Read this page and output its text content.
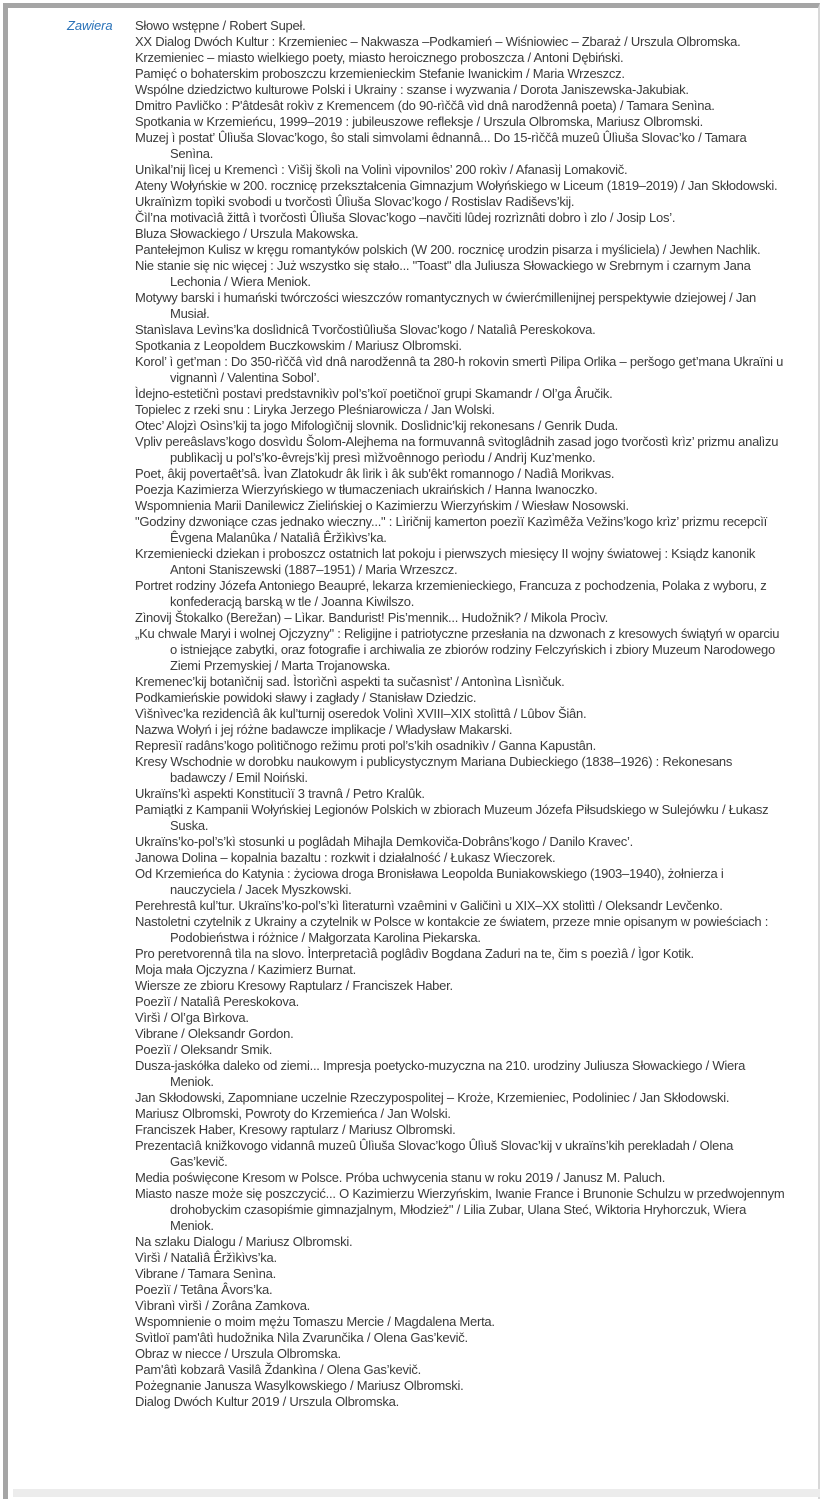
Zawiera	Słowo wstępne / Robert Supeł.
XX Dialog Dwóch Kultur : Krzemieniec – Nakwasza –Podkamień – Wiśniowiec – Zbaraż / Urszula Olbromska.
Krzemieniec – miasto wielkiego poety, miasto heroicznego proboszcza / Antoni Dębiński.
Pamięć o bohaterskim proboszczu krzemienieckim Stefanie Iwanickim / Maria Wrzeszcz.
Wspólne dziedzictwo kulturowe Polski i Ukrainy : szanse i wyzwania / Dorota Janiszewska-Jakubiak.
Dmitro Pavličko : P'âtdesât rokìv z Kremencem (do 90-rìččâ vìd dnâ narodžennâ poeta) / Tamara Senìna.
Spotkania w Krzemieńcu, 1999–2019 : jubileuszowe refleksje / Urszula Olbromska, Mariusz Olbromski.
Muzej ì postat’ Ûlìuša Slovac’kogo, ŝo stali simvolami êdnannâ... Do 15-rìččâ muzeû Ûlìuša Slovac’ko / Tamara Senìna.
Unìkal’nij lìcej u Kremencì : Vìšìj školì na Volinì vipovnilos’ 200 rokìv / Afanasìj Lomakovič.
Ateny Wołyńskie w 200. rocznicę przekształcenia Gimnazjum Wołyńskiego w Liceum (1819–2019) / Jan Skłodowski.
Ukraïnìzm topìki svobodi u tvorčostì Ûlìuša Slovac’kogo / Rostislav Radiševs’kij.
Čìl’na motivacìâ žittâ ì tvorčostì Ûlìuša Slovac’kogo –navčiti lûdej rozrìznâti dobro ì zlo / Josip Los’.
Bluza Słowackiego / Urszula Makowska.
Pantełejmon Kulisz w kręgu romantyków polskich (W 200. rocznicę urodzin pisarza i myśliciela) / Jewhen Nachlik.
Nie stanie się nic więcej : Już wszystko się stało... "Toast" dla Juliusza Słowackiego w Srebrnym i czarnym Jana Lechonia / Wiera Meniok.
Motywy barski i humański twórczości wieszczów romantycznych w ćwierćmillenijnej perspektywie dziejowej / Jan Musiał.
Stanìslava Levìns’ka doslìdnicâ Tvorčostìûlìuša Slovac’kogo / Natalìâ Pereskokova.
Spotkania z Leopoldem Buczkowskim / Mariusz Olbromski.
Korol’ ì get’man : Do 350-rìččâ vìd dnâ narodžennâ ta 280-h rokovin smertì Pilipa Orlika – peršogo get’mana Ukraïni u vignannì / Valentina Sobol’.
Ìdejno-estetičnì postavi predstavnikìv pol’s’koï poetičnoï grupi Skamandr / Ol’ga Âručik.
Topielec z rzeki snu : Liryka Jerzego Pleśniarowicza / Jan Wolski.
Otec’ Alojzì Osìns’kij ta jogo Mifologìčnij slovnik. Doslìdnic’kij rekonesans / Genrik Duda.
Vpliv pereâslavs’kogo dosvìdu Šolom-Alejhema na formuvannâ svìtoglâdnih zasad jogo tvorčostì krìz’ prizmu analìzu publìkacìj u pol’s’ko-êvrejs’kìj presì mìžvoênnogo perìodu / Andrìj Kuz’menko.
Poet, âkij povertaêt’sâ. Ìvan Zlatokudr âk lìrik ì âk sub'êkt romannogo / Nadìâ Morikvas.
Poezja Kazimierza Wierzyńskiego w tłumaczeniach ukraińskich / Hanna Iwanoczko.
Wspomnienia Marii Danilewicz Zielińskiej o Kazimierzu Wierzyńskim / Wiesław Nosowski.
"Godziny dzwoniące czas jednako wieczny..." : Lìričnij kamerton poezìï Kazìmêža Vežins’kogo krìz’ prizmu recepcìï Êvgena Malanûka / Natalìâ Êržìkìvs’ka.
Krzemieniecki dziekan i proboszcz ostatnich lat pokoju i pierwszych miesięcy II wojny światowej : Ksiądz kanonik Antoni Staniszewski (1887–1951) / Maria Wrzeszcz.
Portret rodziny Józefa Antoniego Beaupré, lekarza krzemienieckiego, Francuza z pochodzenia, Polaka z wyboru, z konfederacją barską w tle / Joanna Kiwilszo.
Zìnovij Štokalko (Berežan) – Lìkar. Bandurist! Pis’mennik... Hudožnik? / Mikola Procìv.
„Ku chwale Maryi i wolnej Ojczyzny" : Religijne i patriotyczne przesłania na dzwonach z kresowych świątyń w oparciu o istniejące zabytki, oraz fotografie i archiwalia ze zbiorów rodziny Felczyńskich i zbiory Muzeum Narodowego Ziemi Przemyskiej / Marta Trojanowska.
Kremenec’kij botanìčnij sad. Ìstorìčnì aspekti ta sučasnìst’ / Antonìna Lìsnìčuk.
Podkamieńskie powidoki sławy i zagłady / Stanisław Dziedzic.
Vìšnìvec’ka rezidencìâ âk kul’turnij oseredok Volinì XVIII–XIX stolìttâ / Lûbov Šiân.
Nazwa Wołyń i jej różne badawcze implikacje / Władysław Makarski.
Represìï radâns’kogo polìtičnogo režimu proti pol’s’kih osadnikìv / Ganna Kapustân.
Kresy Wschodnie w dorobku naukowym i publicystycznym Mariana Dubieckiego (1838–1926) : Rekonesans badawczy / Emil Noiński.
Ukraïns’kì aspekti Konstitucìï 3 travnâ / Petro Kralûk.
Pamiątki z Kampanii Wołyńskiej Legionów Polskich w zbiorach Muzeum Józefa Piłsudskiego w Sulejówku / Łukasz Suska.
Ukraïns’ko-pol’s’kì stosunki u poglâdah Mihajla Demkoviča-Dobrâns’kogo / Danilo Kravec’.
Janowa Dolina – kopalnia bazaltu : rozkwit i działalność / Łukasz Wieczorek.
Od Krzemieńca do Katynia : życiowa droga Bronisława Leopolda Buniakowskiego (1903–1940), żołnierza i nauczyciela / Jacek Myszkowski.
Perehrestâ kul’tur. Ukraïns’ko-pol’s’kì lìteraturnì vzaêmini v Galičinì u XIX–XX stolìttì / Oleksandr Levčenko.
Nastoletni czytelnik z Ukrainy a czytelnik w Polsce w kontakcie ze światem, przeze mnie opisanym w powieściach : Podobieństwa i różnice / Małgorzata Karolina Piekarska.
Pro peretvorennâ tìla na slovo. Ìnterpretacìâ poglâdìv Bogdana Zaduri na te, čim s poezìâ / Ìgor Kotik.
Moja mała Ojczyzna / Kazimierz Burnat.
Wiersze ze zbioru Kresowy Raptularz / Franciszek Haber.
Poezìï / Natalìâ Pereskokova.
Vìršì / Ol’ga Bìrkova.
Vibrane / Oleksandr Gordon.
Poezìï / Oleksandr Smik.
Dusza-jaskółka daleko od ziemi... Impresja poetycko-muzyczna na 210. urodziny Juliusza Słowackiego / Wiera Meniok.
Jan Skłodowski, Zapomniane uczelnie Rzeczypospolitej – Kroże, Krzemieniec, Podoliniec / Jan Skłodowski.
Mariusz Olbromski, Powroty do Krzemieńca / Jan Wolski.
Franciszek Haber, Kresowy raptularz / Mariusz Olbromski.
Prezentacìâ knižkovogo vidannâ muzeû Ûlìuša Slovac’kogo Ûlìuš Slovac’kij v ukraïns’kih perekladah / Olena Gas’kevič.
Media poświęcone Kresom w Polsce. Próba uchwycenia stanu w roku 2019 / Janusz M. Paluch.
Miasto nasze może się poszczycić... O Kazimierzu Wierzyńskim, Iwanie France i Brunonie Schulzu w przedwojennym drohobyckim czasopiśmie gimnazjalnym, Młodzież" / Lilia Zubar, Ulana Steć, Wiktoria Hryhorczuk, Wiera Meniok.
Na szlaku Dialogu / Mariusz Olbromski.
Vìršì / Natalìâ Êržìkìvs’ka.
Vibrane / Tamara Senìna.
Poezìï / Tetâna Âvors’ka.
Vìbranì vìršì / Zorâna Zamkova.
Wspomnienie o moim mężu Tomaszu Mercie / Magdalena Merta.
Svìtloï pam'âtì hudožnika Nìla Zvarunčika / Olena Gas’kevič.
Obraz w niecce / Urszula Olbromska.
Pam'âtì kobzarâ Vasilâ Ždankìna / Olena Gas’kevič.
Pożegnanie Janusza Wasylkowskiego / Mariusz Olbromski.
Dialog Dwóch Kultur 2019 / Urszula Olbromska.
